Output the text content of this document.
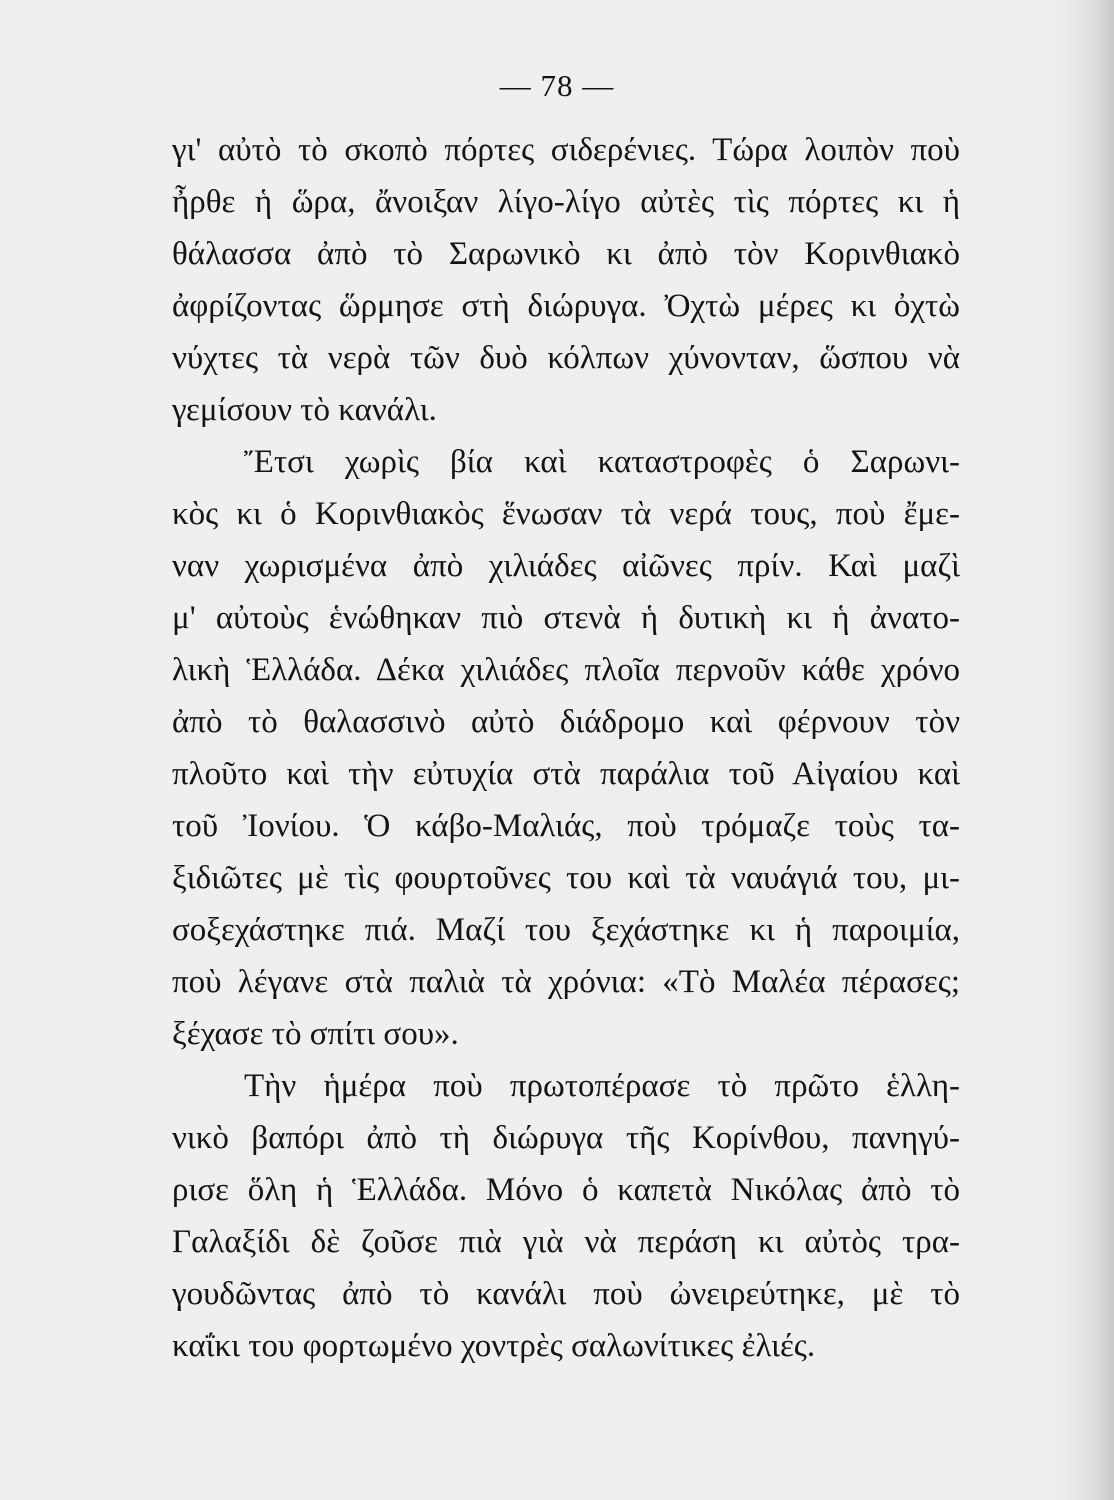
— 78 —
γι' αὐτὸ τὸ σκοπὸ πόρτες σιδερένιες. Τώρα λοιπὸν ποὺ
ἦρθε ἡ ὥρα, ἄνοιξαν λίγο-λίγο αὐτὲς τὶς πόρτες κι ἡ
θάλασσα ἀπὸ τὸ Σαρωνικὸ κι ἀπὸ τὸν Κορινθιακὸ
ἀφρίζοντας ὥρμησε στὴ διώρυγα. Ὀχτὼ μέρες κι ὀχτὼ
νύχτες τὰ νερὰ τῶν δυὸ κόλπων χύνονταν, ὥσπου νὰ
γεμίσουν τὸ κανάλι.
Ἔτσι χωρὶς βία καὶ καταστροφὲς ὁ Σαρωνι-
κὸς κι ὁ Κορινθιακὸς ἕνωσαν τὰ νερά τους, ποὺ ἔμε-
ναν χωρισμένα ἀπὸ χιλιάδες αἰῶνες πρίν. Καὶ μαζὶ
μ' αὐτοὺς ἑνώθηκαν πιὸ στενὰ ἡ δυτικὴ κι ἡ ἀνατο-
λικὴ Ἑλλάδα. Δέκα χιλιάδες πλοῖα περνοῦν κάθε χρόνο
ἀπὸ τὸ θαλασσινὸ αὐτὸ διάδρομο καὶ φέρνουν τὸν
πλοῦτο καὶ τὴν εὐτυχία στὰ παράλια τοῦ Αἰγαίου καὶ
τοῦ Ἰονίου. Ὁ κάβο-Μαλιάς, ποὺ τρόμαζε τοὺς τα-
ξιδιῶτες μὲ τὶς φουρτοῦνες του καὶ τὰ ναυάγιά του, μι-
σοξεχάστηκε πιά. Μαζί του ξεχάστηκε κι ἡ παροιμία,
ποὺ λέγανε στὰ παλιὰ τὰ χρόνια: «Τὸ Μαλέα πέρασες;
ξέχασε τὸ σπίτι σου».
Τὴν ἡμέρα ποὺ πρωτοπέρασε τὸ πρῶτο ἑλλη-
νικὸ βαπόρι ἀπὸ τὴ διώρυγα τῆς Κορίνθου, πανηγύ-
ρισε ὅλη ἡ Ἑλλάδα. Μόνο ὁ καπετὰ Νικόλας ἀπὸ τὸ
Γαλαξίδι δὲ ζοῦσε πιὰ γιὰ νὰ περάση κι αὐτὸς τρα-
γουδῶντας ἀπὸ τὸ κανάλι ποὺ ὠνειρεύτηκε, μὲ τὸ
καΐκι του φορτωμένο χοντρὲς σαλωνίτικες ἐλιές.
